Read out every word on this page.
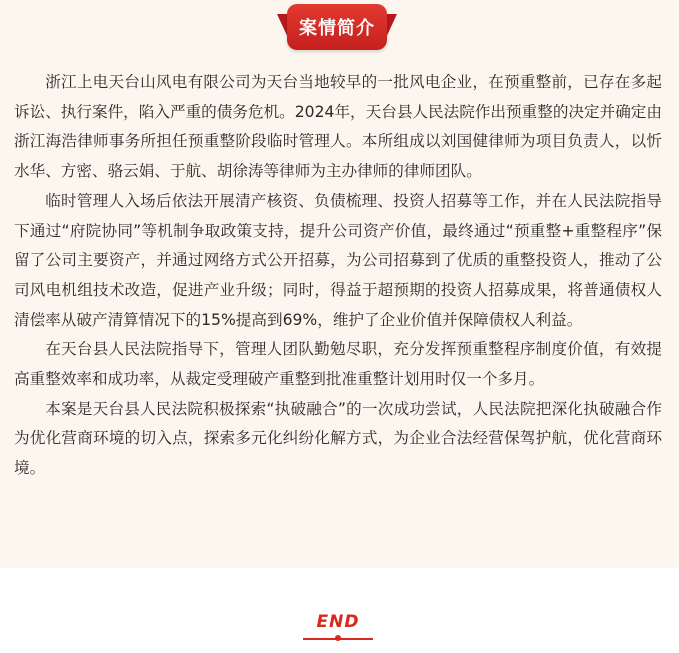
案情简介

浙江上电天台山风电有限公司为天台当地较早的一批风电企业，在预重整前，已存在多起诉讼、执行案件，陷入严重的债务危机。2024年，天台县人民法院作出预重整的决定并确定由浙江海浩律师事务所担任预重整阶段临时管理人。本所组成以刘国健律师为项目负责人，以忻水华、方密、骆云娟、于航、胡徐涛等律师为主办律师的律师团队。

临时管理人入场后依法开展清产核资、负债梳理、投资人招募等工作，并在人民法院指导下通过“府院协同”等机制争取政策支持，提升公司资产价值，最终通过“预重整+重整程序”保留了公司主要资产，并通过网络方式公开招募，为公司招募到了优质的重整投资人，推动了公司风电机组技术改造，促进产业升级；同时，得益于超预期的投资人招募成果，将普通债权人清偿率从破产清算情况下的15%提高到69%，维护了企业价值并保障债权人利益。

在天台县人民法院指导下，管理人团队勤勉尽职，充分发挥预重整程序制度价值，有效提高重整效率和成功率，从裁定受理破产重整到批准重整计划用时仅一个多月。

本案是天台县人民法院积极探索“执破融合”的一次成功尝试，人民法院把深化执破融合作为优化营商环境的切入点，探索多元化纠纷化解方式，为企业合法经营保驾护航，优化营商环境。

END
